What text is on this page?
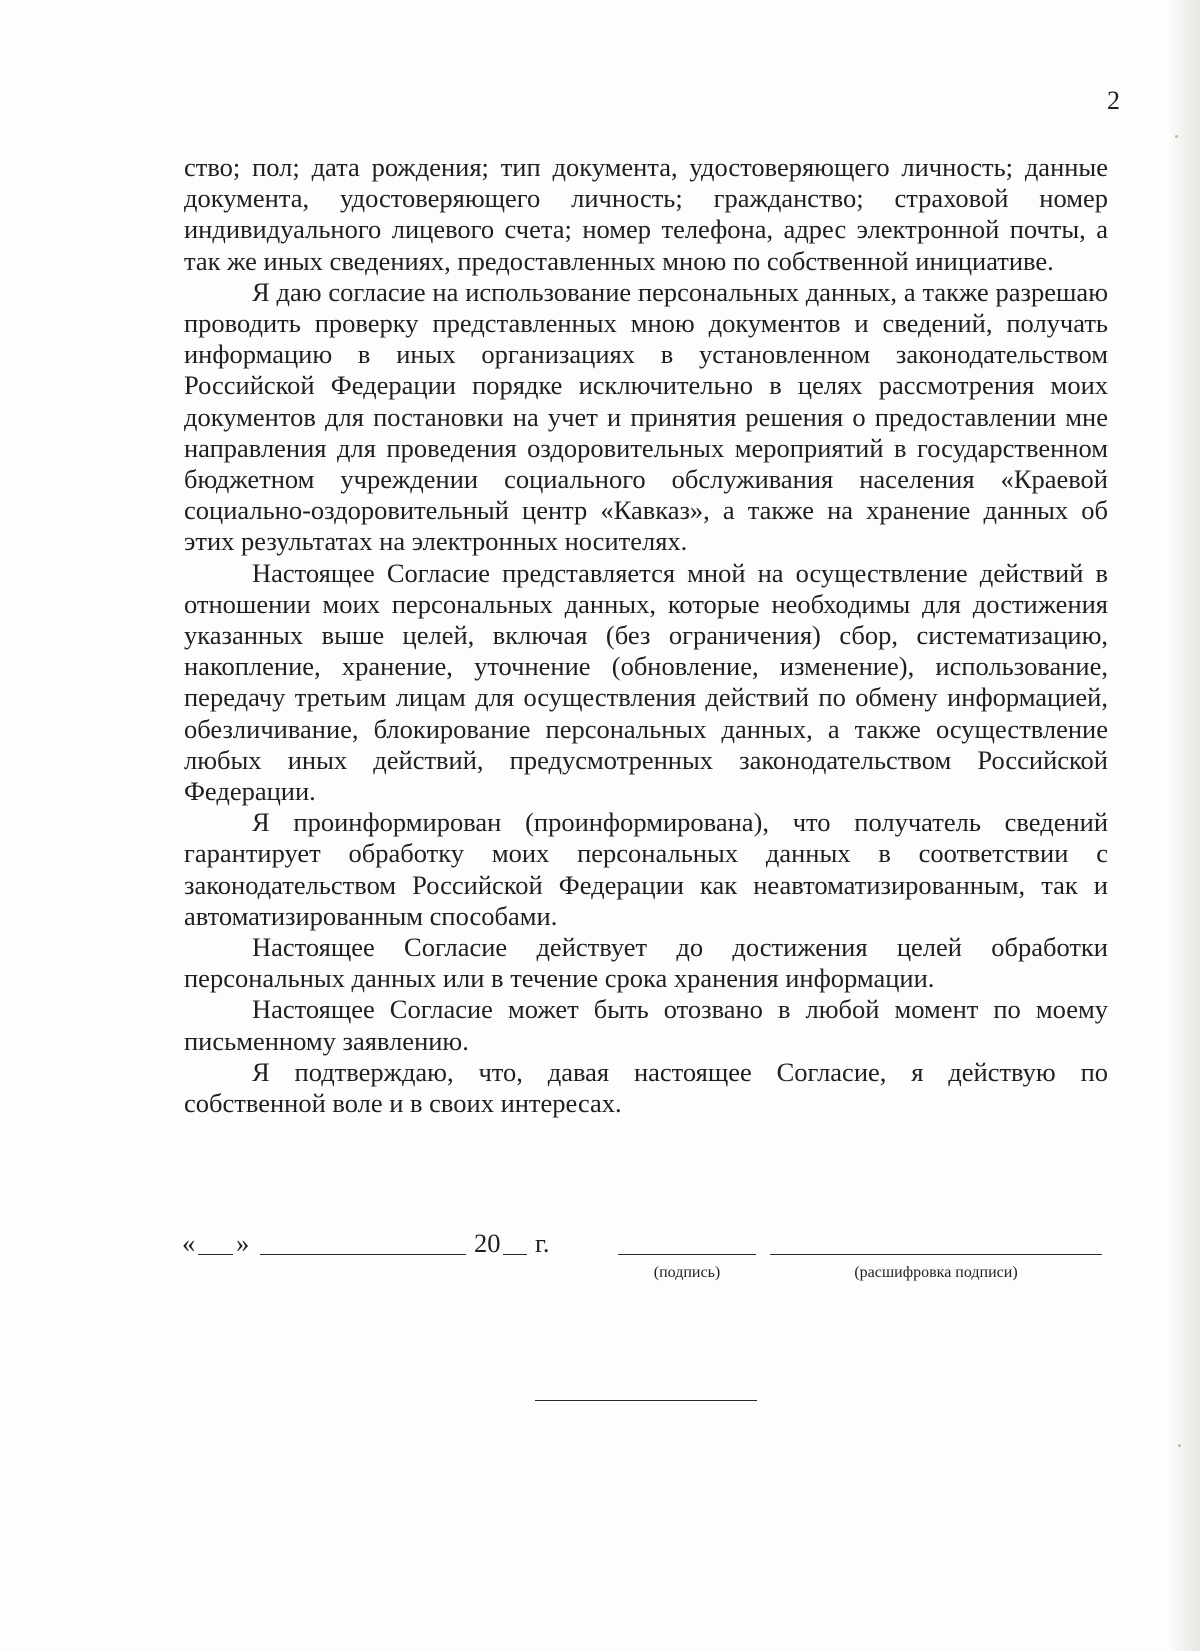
2

ство; пол; дата рождения; тип документа, удостоверяющего личность; данные документа, удостоверяющего личность; гражданство; страховой номер индивидуального лицевого счета; номер телефона, адрес электронной почты, а так же иных сведениях, предоставленных мною по собственной инициативе.

Я даю согласие на использование персональных данных, а также разрешаю проводить проверку представленных мною документов и сведений, получать информацию в иных организациях в установленном законодательством Российской Федерации порядке исключительно в целях рассмотрения моих документов для постановки на учет и принятия решения о предоставлении мне направления для проведения оздоровительных мероприятий в государственном бюджетном учреждении социального обслуживания населения «Краевой социально-оздоровительный центр «Кавказ», а также на хранение данных об этих результатах на электронных носителях.

Настоящее Согласие представляется мной на осуществление действий в отношении моих персональных данных, которые необходимы для достижения указанных выше целей, включая (без ограничения) сбор, систематизацию, накопление, хранение, уточнение (обновление, изменение), использование, передачу третьим лицам для осуществления действий по обмену информацией, обезличивание, блокирование персональных данных, а также осуществление любых иных действий, предусмотренных законодательством Российской Федерации.

Я проинформирован (проинформирована), что получатель сведений гарантирует обработку моих персональных данных в соответствии с законодательством Российской Федерации как неавтоматизированным, так и автоматизированным способами.

Настоящее Согласие действует до достижения целей обработки персональных данных или в течение срока хранения информации.

Настоящее Согласие может быть отозвано в любой момент по моему письменному заявлению.

Я подтверждаю, что, давая настоящее Согласие, я действую по собственной воле и в своих интересах.

« »	20 г.
(подпись)	(расшифровка подписи)
